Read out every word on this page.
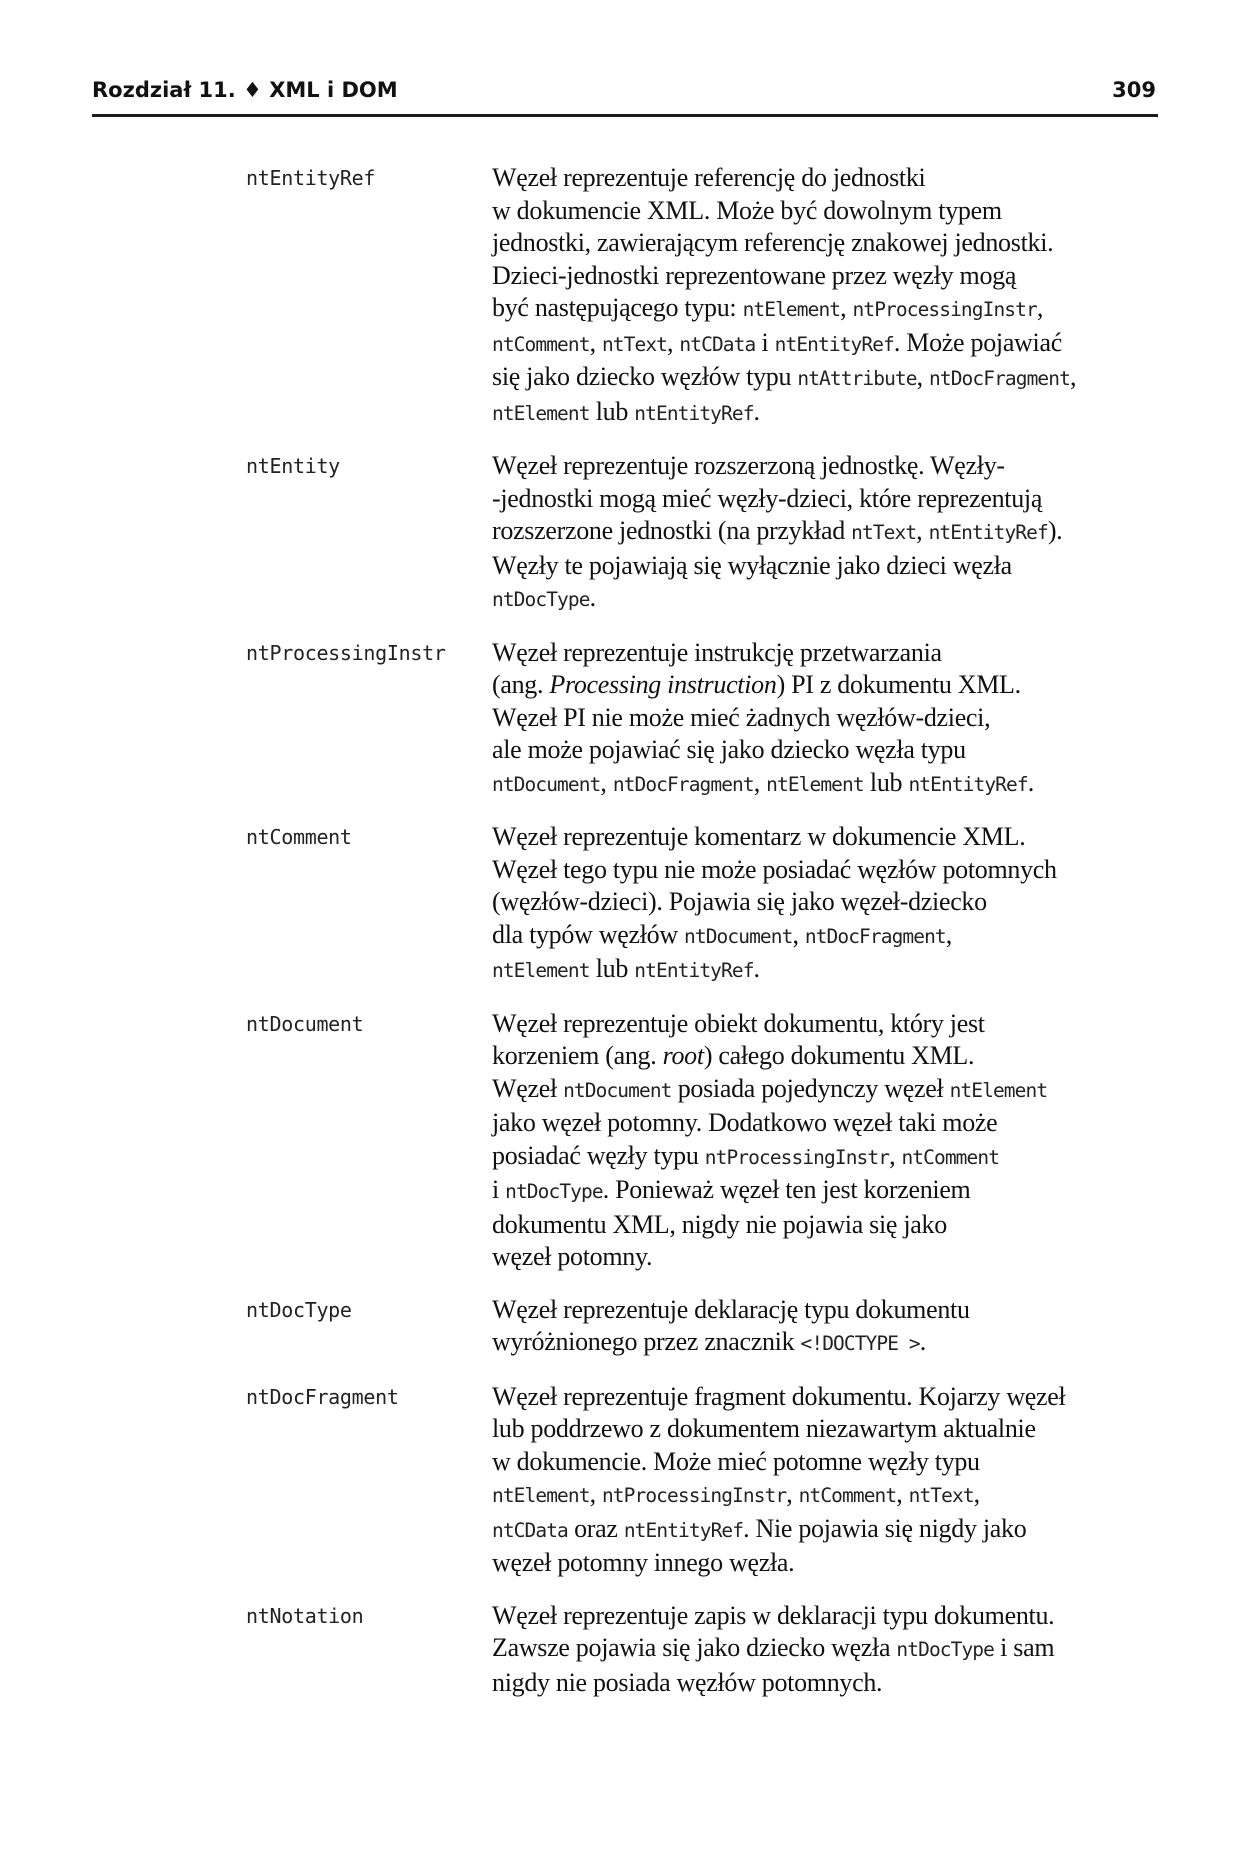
Rozdział 11. ♦ XML i DOM	309
ntEntityRef	Węzeł reprezentuje referencję do jednostki
w dokumencie XML. Może być dowolnym typem
jednostki, zawierającym referencję znakowej jednostki.
Dzieci-jednostki reprezentowane przez węzły mogą
być następującego typu: ntElement, ntProcessingInstr,
ntComment, ntText, ntCData i ntEntityRef. Może pojawiać
się jako dziecko węzłów typu ntAttribute, ntDocFragment,
ntElement lub ntEntityRef.
ntEntity	Węzeł reprezentuje rozszerzoną jednostkę. Węzły-
-jednostki mogą mieć węzły-dzieci, które reprezentują
rozszerzone jednostki (na przykład ntText, ntEntityRef).
Węzły te pojawiają się wyłącznie jako dzieci węzła
ntDocType.
ntProcessingInstr Węzeł reprezentuje instrukcję przetwarzania
(ang. Processing instruction) PI z dokumentu XML.
Węzeł PI nie może mieć żadnych węzłów-dzieci,
ale może pojawiać się jako dziecko węzła typu
ntDocument, ntDocFragment, ntElement lub ntEntityRef.
ntComment	Węzeł reprezentuje komentarz w dokumencie XML.
Węzeł tego typu nie może posiadać węzłów potomnych
(węzłów-dzieci). Pojawia się jako węzeł-dziecko
dla typów węzłów ntDocument, ntDocFragment,
ntElement lub ntEntityRef.
ntDocument	Węzeł reprezentuje obiekt dokumentu, który jest
korzeniem (ang. root) całego dokumentu XML.
Węzeł ntDocument posiada pojedynczy węzeł ntElement
jako węzeł potomny. Dodatkowo węzeł taki może
posiadać węzły typu ntProcessingInstr, ntComment
i ntDocType. Ponieważ węzeł ten jest korzeniem
dokumentu XML, nigdy nie pojawia się jako
węzeł potomny.
ntDocType	Węzeł reprezentuje deklarację typu dokumentu
wyróżnionego przez znacznik <!DOCTYPE >.
ntDocFragment	Węzeł reprezentuje fragment dokumentu. Kojarzy węzeł
lub poddrzewo z dokumentem niezawartym aktualnie
w dokumencie. Może mieć potomne węzły typu
ntElement, ntProcessingInstr, ntComment, ntText,
ntCData oraz ntEntityRef. Nie pojawia się nigdy jako
węzeł potomny innego węzła.
ntNotation	Węzeł reprezentuje zapis w deklaracji typu dokumentu.
Zawsze pojawia się jako dziecko węzła ntDocType i sam
nigdy nie posiada węzłów potomnych.
